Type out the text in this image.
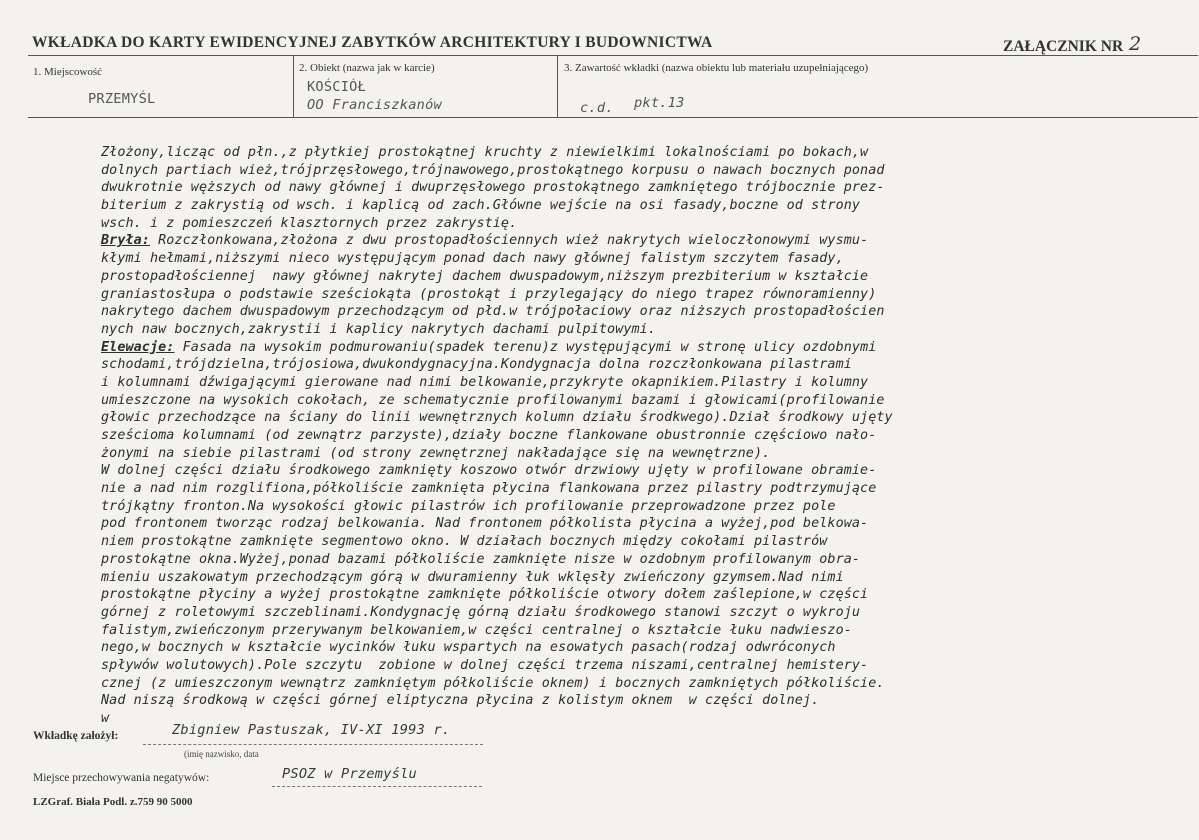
WKŁADKA DO KARTY EWIDENCYJNEJ ZABYTKÓW ARCHITEKTURY I BUDOWNICTWA	ZAŁĄCZNIK NR 2
1. Miejscowość
PRZEMYŚL
2. Obiekt (nazwa jak w karcie)
KOŚCIÓŁ
OO Franciszkanów
3. Zawartość wkładki (nazwa obiektu lub materiału uzupełniającego)
c.d. pkt.13
Złożony,licząc od płn.,z płytkiej prostokątnej kruchty z niewielkimi lokalnościami po bokach,w
dolnych partiach wież,trójprzęsłowego,trójnawowego,prostokątnego korpusu o nawach bocznych ponad
dwukrotnie węższych od nawy głównej i dwuprzęsłowego prostokątnego zamkniętego trójbocznie prez-
biterium z zakrystią od wsch. i kaplicą od zach.Główne wejście na osi fasady,boczne od strony
wsch. i z pomieszczeń klasztornych przez zakrystię.
Bryła: Rozczłonkowana,złożona z dwu prostopadłościennych wież nakrytych wieloczłonowymi wysmu-
kłymi hełmami,niższymi nieco występującym ponad dach nawy głównej falistym szczytem fasady,
prostopadłościennej  nawy głównej nakrytej dachem dwuspadowym,niższym prezbiterium w kształcie
graniastosłupa o podstawie sześciokąta (prostokąt i przylegający do niego trapez równoramienny)
nakrytego dachem dwuspadowym przechodzącym od płd.w trójpołaciowy oraz niższych prostopadłościen
nych naw bocznych,zakrystii i kaplicy nakrytych dachami pulpitowymi.
Elewacje: Fasada na wysokim podmurowaniu(spadek terenu)z występującymi w stronę ulicy ozdobnymi
schodami,trójdzielna,trójosiowa,dwukondygnacyjna.Kondygnacja dolna rozczłonkowana pilastrami
i kolumnami dźwigającymi gierowane nad nimi belkowanie,przykryte okapnikiem.Pilastry i kolumny
umieszczone na wysokich cokołach, ze schematycznie profilowanymi bazami i głowicami(profilowanie
głowic przechodzące na ściany do linii wewnętrznych kolumn działu środkwego).Dział środkowy ujęty
sześcioma kolumnami (od zewnątrz parzyste),działy boczne flankowane obustronnie częściowo nało-
żonymi na siebie pilastrami (od strony zewnętrznej nakładające się na wewnętrzne).
W dolnej części działu środkowego zamknięty koszowo otwór drzwiowy ujęty w profilowane obramie-
nie a nad nim rozglifiona,półkoliście zamknięta płycina flankowana przez pilastry podtrzymujące
trójkątny fronton.Na wysokości głowic pilastrów ich profilowanie przeprowadzone przez pole
pod frontonem tworząc rodzaj belkowania. Nad frontonem półkolista płycina a wyżej,pod belkowa-
niem prostokątne zamknięte segmentowo okno. W działach bocznych między cokołami pilastrów
prostokątne okna.Wyżej,ponad bazami półkoliście zamknięte nisze w ozdobnym profilowanym obra-
mieniu uszakowatym przechodzącym górą w dwuramienny łuk wklęsły zwieńczony gzymsem.Nad nimi
prostokątne płyciny a wyżej prostokątne zamknięte półkoliście otwory dołem zaślepione,w części
górnej z roletowymi szczeblinami.Kondygnację górną działu środkowego stanowi szczyt o wykroju
falistym,zwieńczonym przerywanym belkowaniem,w części centralnej o kształcie łuku nadwieszo-
nego,w bocznych w kształcie wycinków łuku wspartych na esowatych pasach(rodzaj odwróconych
spływów wolutowych).Pole szczytu  zobione w dolnej części trzema niszami,centralnej hemistery-
cznej (z umieszczonym wewnątrz zamkniętym półkoliście oknem) i bocznych zamkniętych półkoliście.
Nad niszą środkową w części górnej eliptyczna płycina z kolistym oknem  w części dolnej.
w
Wkładkę założył:	Zbigniew Pastuszak, IV-XI 1993 r.
(imię nazwisko, data
Miejsce przechowywania negatywów:	PSOZ w Przemyślu
LZGraf. Biała Podl. z.759 90 5000
